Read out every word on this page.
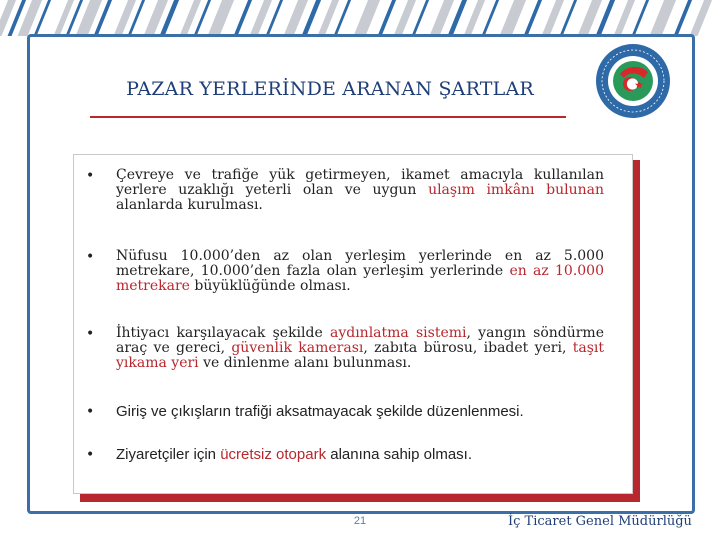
PAZAR YERLERİNDE ARANAN ŞARTLAR
• Çevreye ve trafiğe yük getirmeyen, ikamet amacıyla kullanılan yerlere uzaklığı yeterli olan ve uygun ulaşım imkânı bulunan alanlarda kurulması.
• Nüfusu 10.000’den az olan yerleşim yerlerinde en az 5.000 metrekare, 10.000’den fazla olan yerleşim yerlerinde en az 10.000 metrekare büyüklüğünde olması.
• İhtiyacı karşılayacak şekilde aydınlatma sistemi, yangın söndürme araç ve gereci, güvenlik kamerası, zabıta bürosu, ibadet yeri, taşıt yıkama yeri ve dinlenme alanı bulunması.
• Giriş ve çıkışların trafiği aksatmayacak şekilde düzenlenmesi.
• Ziyaretçiler için ücretsiz otopark alanına sahip olması.
21	İç Ticaret Genel Müdürlüğü
